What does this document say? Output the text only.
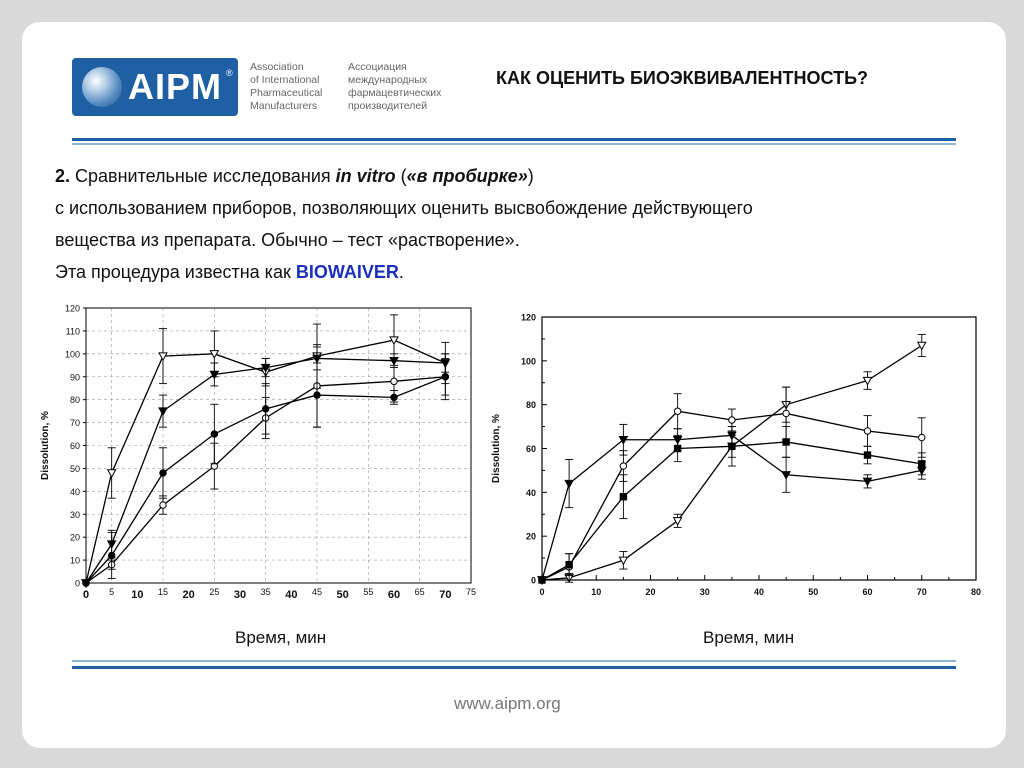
AIPM ® Association
of International
Pharmaceutical
Manufacturers
Ассоциация
международных
фармацевтических
производителей
КАК ОЦЕНИТЬ БИОЭКВИВАЛЕНТНОСТЬ?
2. Сравнительные исследования in vitro («в пробирке»)
с использованием приборов, позволяющих оценить высвобождение действующего
вещества из препарата. Обычно – тест «растворение».
Эта процедура известна как BIOWAIVER.
0
10
20
30
40
50
60
70
80
90
100
110
120
0	10	20	30	40	50	60	70
5	15	25	35	45	55	65	75
Dissolution, %
0
20
40
60
80
100
120
0	10	20	30	40	50	60	70	80
Dissolution, %
Время, мин	Время, мин
www.aipm.org
